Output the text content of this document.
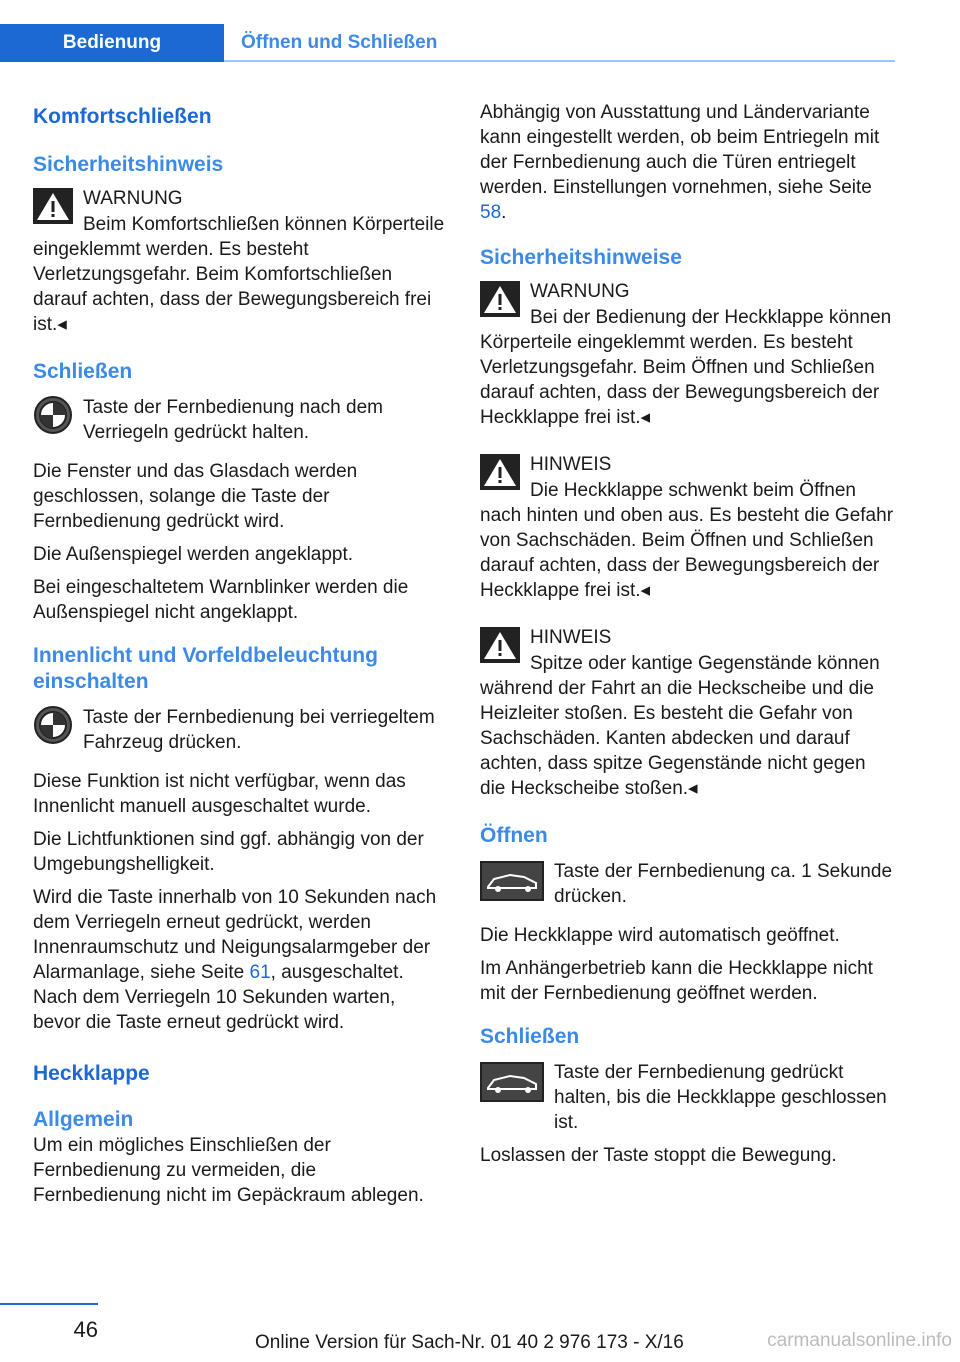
Bedienung	Öffnen und Schließen
Komfortschließen
Sicherheitshinweis
WARNUNG

Beim Komfortschließen können Körperteile eingeklemmt werden. Es besteht Verletzungsgefahr. Beim Komfortschließen darauf achten, dass der Bewegungsbereich frei ist.◂

Schließen
Taste der Fernbedienung nach dem Verriegeln gedrückt halten.

Die Fenster und das Glasdach werden geschlossen, solange die Taste der Fernbedienung gedrückt wird.

Die Außenspiegel werden angeklappt.

Bei eingeschaltetem Warnblinker werden die Außenspiegel nicht angeklappt.

Innenlicht und Vorfeldbeleuchtung einschalten
Taste der Fernbedienung bei verriegeltem Fahrzeug drücken.

Diese Funktion ist nicht verfügbar, wenn das Innenlicht manuell ausgeschaltet wurde.

Die Lichtfunktionen sind ggf. abhängig von der Umgebungshelligkeit.

Wird die Taste innerhalb von 10 Sekunden nach dem Verriegeln erneut gedrückt, werden Innenraumschutz und Neigungsalarmgeber der Alarmanlage, siehe Seite 61, ausgeschaltet. Nach dem Verriegeln 10 Sekunden warten, bevor die Taste erneut gedrückt wird.

Heckklappe
Allgemein

Um ein mögliches Einschließen der Fernbedienung zu vermeiden, die Fernbedienung nicht im Gepäckraum ablegen.

Abhängig von Ausstattung und Ländervariante kann eingestellt werden, ob beim Entriegeln mit der Fernbedienung auch die Türen entriegelt werden. Einstellungen vornehmen, siehe Seite 58.

Sicherheitshinweise
WARNUNG

Bei der Bedienung der Heckklappe können Körperteile eingeklemmt werden. Es besteht Verletzungsgefahr. Beim Öffnen und Schließen darauf achten, dass der Bewegungsbereich der Heckklappe frei ist.◂

HINWEIS

Die Heckklappe schwenkt beim Öffnen nach hinten und oben aus. Es besteht die Gefahr von Sachschäden. Beim Öffnen und Schließen darauf achten, dass der Bewegungsbereich der Heckklappe frei ist.◂

HINWEIS

Spitze oder kantige Gegenstände können während der Fahrt an die Heckscheibe und die Heizleiter stoßen. Es besteht die Gefahr von Sachschäden. Kanten abdecken und darauf achten, dass spitze Gegenstände nicht gegen die Heckscheibe stoßen.◂

Öffnen
Taste der Fernbedienung ca. 1 Sekunde drücken.

Die Heckklappe wird automatisch geöffnet.

Im Anhängerbetrieb kann die Heckklappe nicht mit der Fernbedienung geöffnet werden.

Schließen
Taste der Fernbedienung gedrückt halten, bis die Heckklappe geschlossen ist.

Loslassen der Taste stoppt die Bewegung.

46
Online Version für Sach-Nr. 01 40 2 976 173 - X/16	carmanualsonline.info
